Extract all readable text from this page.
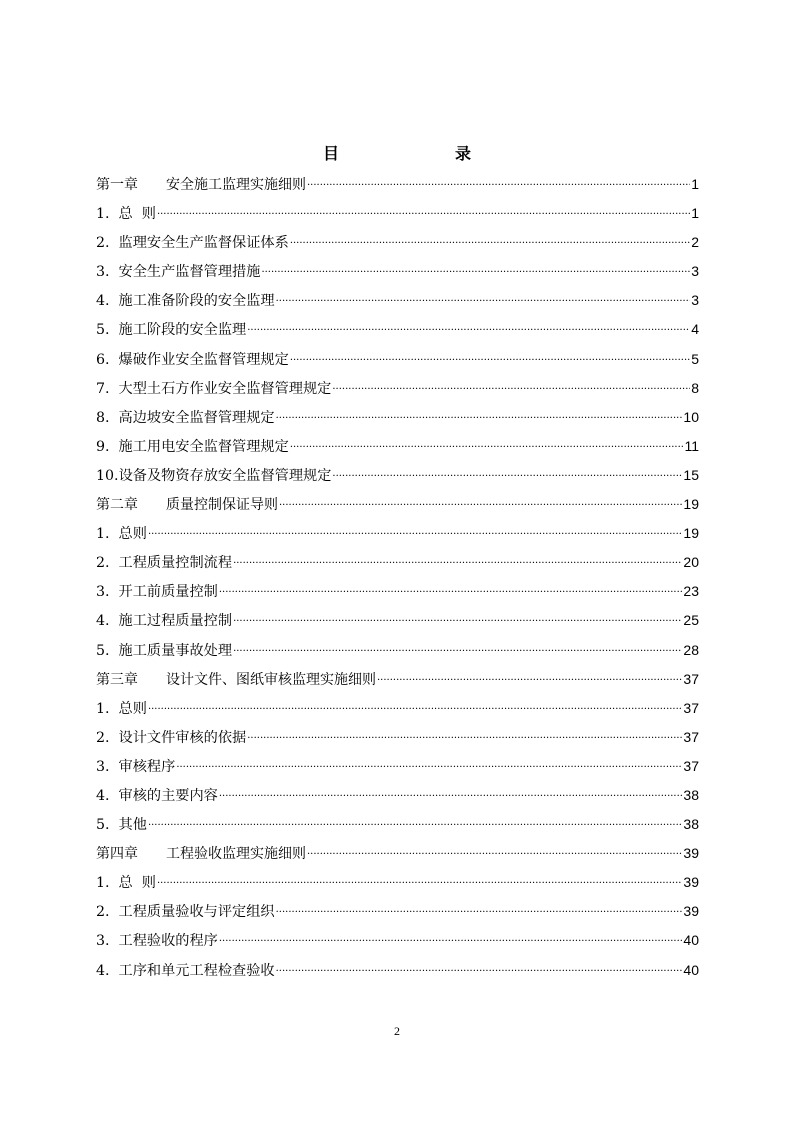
目　　录
第一章　　安全施工监理实施细则 ·····	1
1.  总  则 ·····	1
2.  监理安全生产监督保证体系 ·····	2
3.  安全生产监督管理措施 ·····	3
4.  施工准备阶段的安全监理 ·····	3
5.  施工阶段的安全监理 ·····	4
6.  爆破作业安全监督管理规定 ·····	5
7.  大型土石方作业安全监督管理规定 ·····	8
8.  高边坡安全监督管理规定 ·····	10
9.  施工用电安全监督管理规定 ·····	11
10.设备及物资存放安全监督管理规定 ·····	15
第二章　　质量控制保证导则 ·····	19
1.  总则 ·····	19
2.  工程质量控制流程 ·····	20
3.  开工前质量控制 ·····	23
4.  施工过程质量控制 ·····	25
5.  施工质量事故处理 ·····	28
第三章　　设计文件、图纸审核监理实施细则 ·····	37
1.  总则 ·····	37
2.  设计文件审核的依据 ·····	37
3.  审核程序 ·····	37
4.  审核的主要内容 ·····	38
5.  其他 ·····	38
第四章　　工程验收监理实施细则 ·····	39
1.  总  则 ·····	39
2.  工程质量验收与评定组织 ·····	39
3.  工程验收的程序 ·····	40
4.  工序和单元工程检查验收 ·····	40
2
